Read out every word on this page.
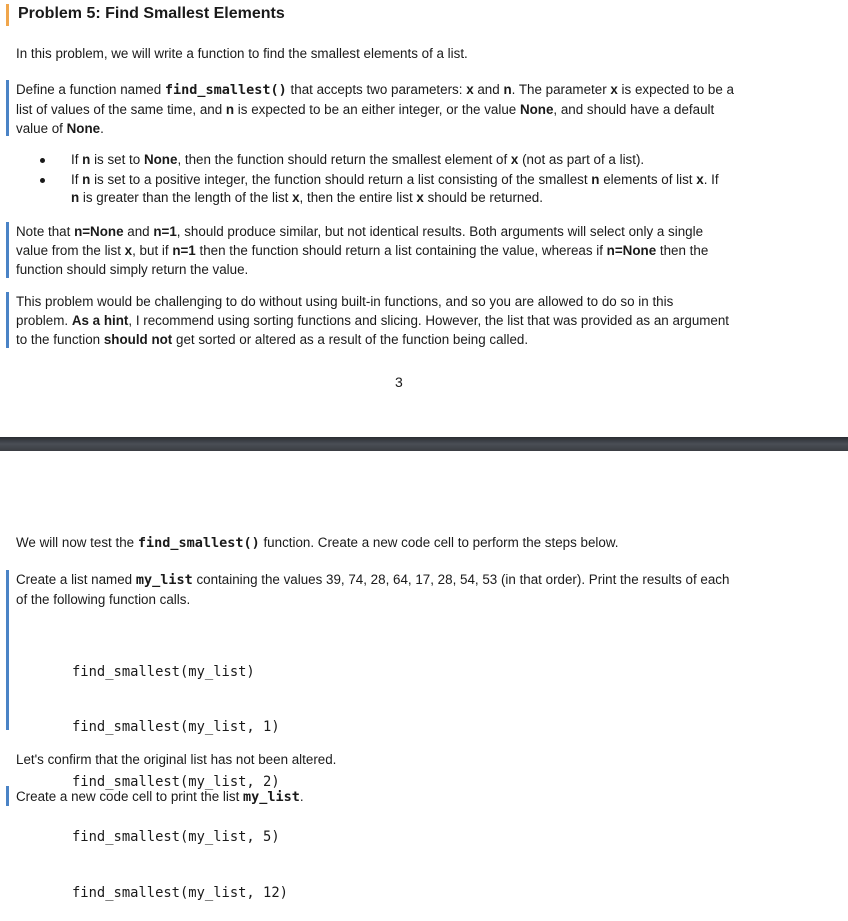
Problem 5: Find Smallest Elements
In this problem, we will write a function to find the smallest elements of a list.
Define a function named find_smallest() that accepts two parameters: x and n. The parameter x is expected to be a
list of values of the same time, and n is expected to be an either integer, or the value None, and should have a default
value of None.
If n is set to None, then the function should return the smallest element of x (not as part of a list).
If n is set to a positive integer, the function should return a list consisting of the smallest n elements of list x. If
n is greater than the length of the list x, then the entire list x should be returned.
Note that n=None and n=1, should produce similar, but not identical results. Both arguments will select only a single
value from the list x, but if n=1 then the function should return a list containing the value, whereas if n=None then the
function should simply return the value.
This problem would be challenging to do without using built-in functions, and so you are allowed to do so in this
problem. As a hint, I recommend using sorting functions and slicing. However, the list that was provided as an argument
to the function should not get sorted or altered as a result of the function being called.
3
We will now test the find_smallest() function. Create a new code cell to perform the steps below.
Create a list named my_list containing the values 39, 74, 28, 64, 17, 28, 54, 53 (in that order). Print the results of each
of the following function calls.

find_smallest(my_list)

find_smallest(my_list, 1)

find_smallest(my_list, 2)

find_smallest(my_list, 5)

find_smallest(my_list, 12)

Let's confirm that the original list has not been altered.
Create a new code cell to print the list my_list.
